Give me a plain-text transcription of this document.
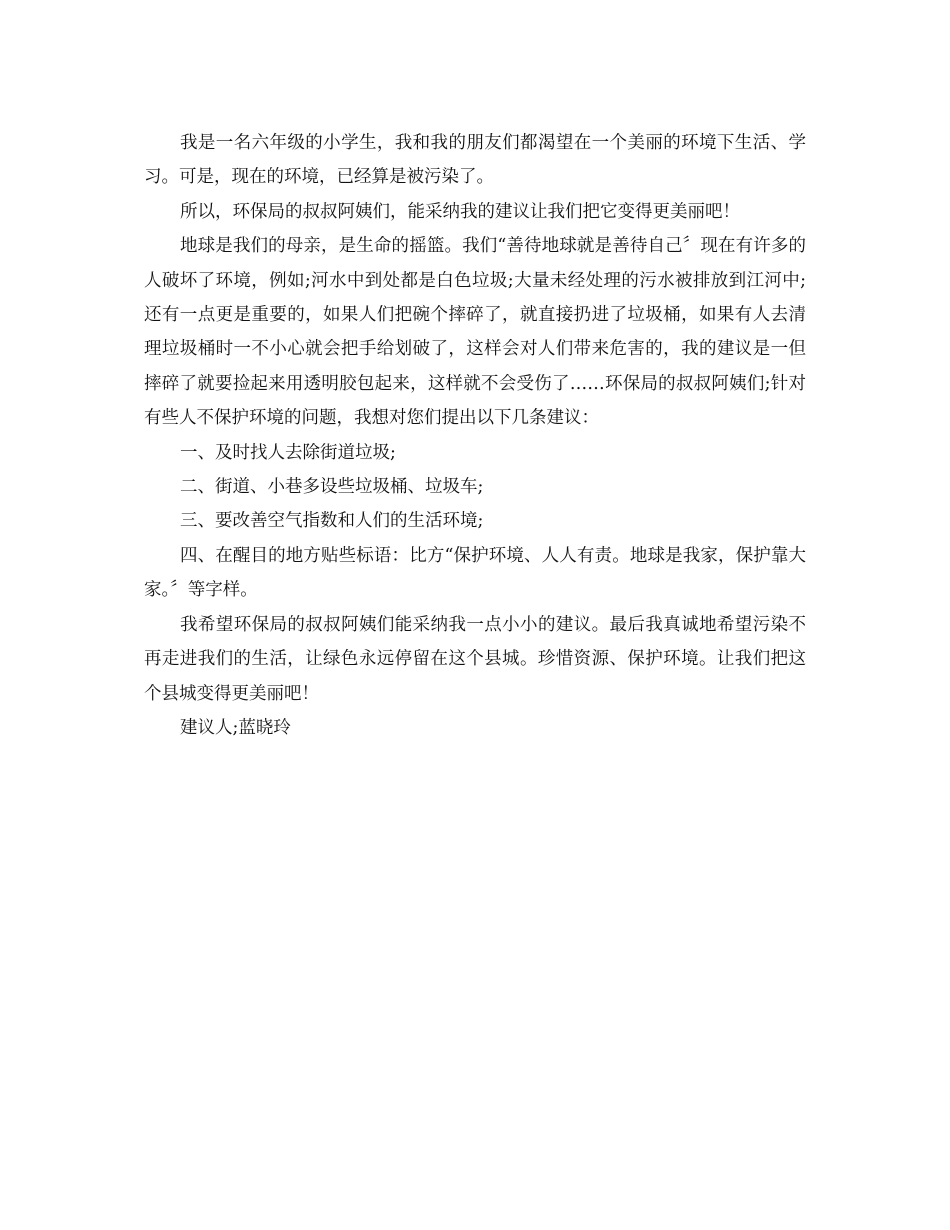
我是一名六年级的小学生，我和我的朋友们都渴望在一个美丽的环境下生活、学习。可是，现在的环境，已经算是被污染了。

所以，环保局的叔叔阿姨们，能采纳我的建议让我们把它变得更美丽吧！

地球是我们的母亲，是生命的摇篮。我们“善待地球就是善待自己〞现在有许多的人破坏了环境，例如;河水中到处都是白色垃圾;大量未经处理的污水被排放到江河中;还有一点更是重要的，如果人们把碗个摔碎了，就直接扔进了垃圾桶，如果有人去清理垃圾桶时一不小心就会把手给划破了，这样会对人们带来危害的，我的建议是一但摔碎了就要捡起来用透明胶包起来，这样就不会受伤了……环保局的叔叔阿姨们;针对有些人不保护环境的问题，我想对您们提出以下几条建议：

一、及时找人去除街道垃圾;

二、街道、小巷多设些垃圾桶、垃圾车;

三、要改善空气指数和人们的生活环境;

四、在醒目的地方贴些标语：比方“保护环境、人人有责。地球是我家，保护靠大家。〞等字样。

我希望环保局的叔叔阿姨们能采纳我一点小小的建议。最后我真诚地希望污染不再走进我们的生活，让绿色永远停留在这个县城。珍惜资源、保护环境。让我们把这个县城变得更美丽吧！

建议人;蓝晓玲
